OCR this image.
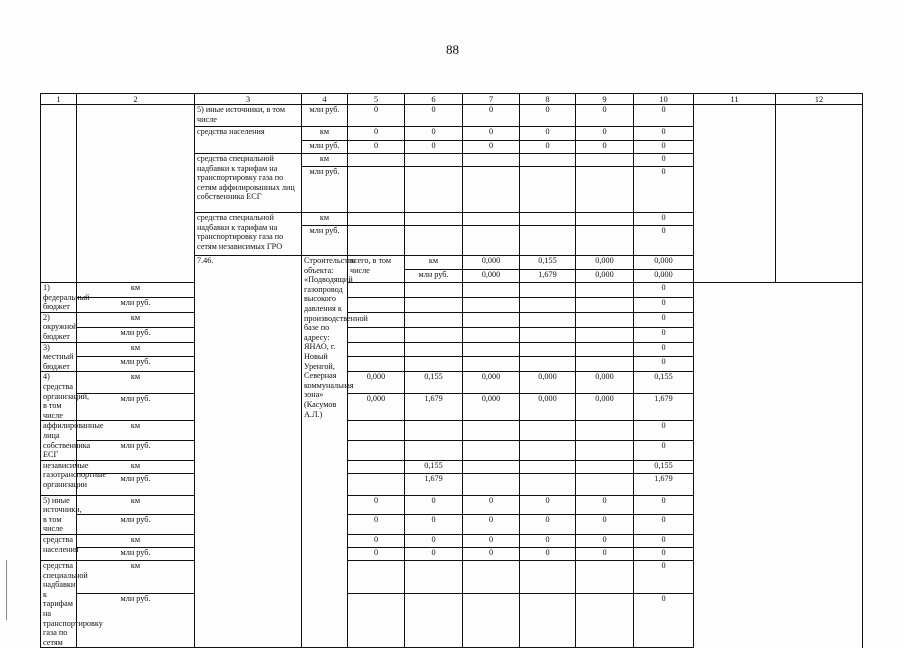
88
1	2	3	4	5	6	7	8	9	10	11	12	
		5) иные источники, в том числе	млн руб.	0	0	0	0	0	0			
		средства населения	км	0	0	0	0	0	0			
			млн руб.	0	0	0	0	0	0			
		средства специальной надбавки к тарифам на транспортировку газа по сетям аффилированных лиц собственника ЕСГ	км						0			
			млн руб.						0			
		средства специальной надбавки к тарифам на транспортировку газа по сетям независимых ГРО	км						0			
			млн руб.						0			
		7.46.	Строительство объекта: «Подводящий газопровод высокого давления к производственной базе по адресу: ЯНАО, г. Новый Уренгой, Северная коммунальная зона» (Касумов А.Л.)	всего, в том числе	км	0,000	0,155	0,000	0,000				
					млн руб.	0,000	1,679	0,000	0,000		
1) федеральный бюджет	км								0			
	млн руб.								0			
2) окружной бюджет	км								0			
	млн руб.								0			
3) местный бюджет	км								0			
	млн руб.								0			
4) средства организаций, в том числе	км			0,000	0,155	0,000	0,000	0,000	0,155			
	млн руб.			0,000	1,679	0,000	0,000	0,000	1,679			
аффилированные лица собственника ЕСГ	км								0			
	млн руб.								0			
независимые газотранспортные организации	км				0,155				0,155			
	млн руб.				1,679				1,679			
5) иные источники, в том числе	км			0	0	0	0	0	0			
	млн руб.			0	0	0	0	0	0			
средства населения	км			0	0	0	0	0	0			
	млн руб.			0	0	0	0	0	0			
средства специальной надбавки к тарифам на транспортировку газа по сетям	км								0			
	млн руб.								0			
